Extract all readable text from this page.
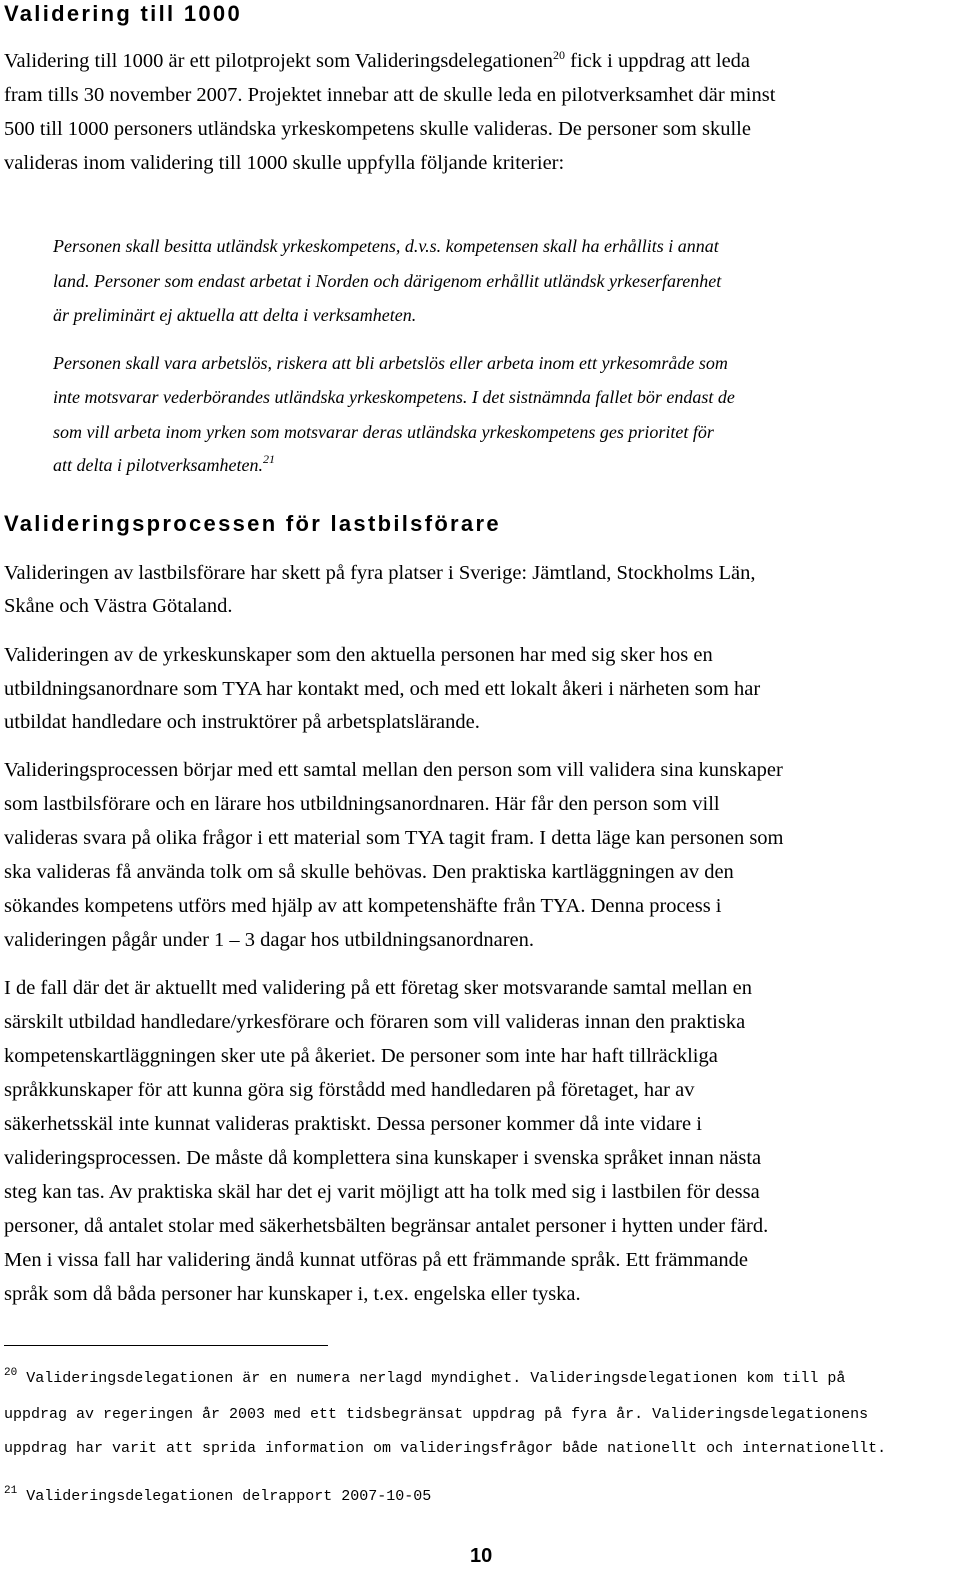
Validering till 1000
Validering till 1000 är ett pilotprojekt som Valideringsdelegationen$^{20}$ fick i uppdrag att leda
fram tills 30 november 2007. Projektet innebar att de skulle leda en pilotverksamhet där minst
500 till 1000 personers utländska yrkeskompetens skulle valideras. De personer som skulle
valideras inom validering till 1000 skulle uppfylla följande kriterier:
Personen skall besitta utländsk yrkeskompetens, d.v.s. kompetensen skall ha erhållits i annat
land. Personer som endast arbetat i Norden och därigenom erhållit utländsk yrkeserfarenhet
är preliminärt ej aktuella att delta i verksamheten.
Personen skall vara arbetslös, riskera att bli arbetslös eller arbeta inom ett yrkesområde som
inte motsvarar vederbörandes utländska yrkeskompetens. I det sistnämnda fallet bör endast de
som vill arbeta inom yrken som motsvarar deras utländska yrkeskompetens ges prioritet för
att delta i pilotverksamheten.$^{21}$
Valideringsprocessen för lastbilsförare
Valideringen av lastbilsförare har skett på fyra platser i Sverige: Jämtland, Stockholms Län,
Skåne och Västra Götaland.
Valideringen av de yrkeskunskaper som den aktuella personen har med sig sker hos en
utbildningsanordnare som TYA har kontakt med, och med ett lokalt åkeri i närheten som har
utbildat handledare och instruktörer på arbetsplatslärande.
Valideringsprocessen börjar med ett samtal mellan den person som vill validera sina kunskaper
som lastbilsförare och en lärare hos utbildningsanordnaren. Här får den person som vill
valideras svara på olika frågor i ett material som TYA tagit fram. I detta läge kan personen som
ska valideras få använda tolk om så skulle behövas. Den praktiska kartläggningen av den
sökandes kompetens utförs med hjälp av att kompetenshäfte från TYA. Denna process i
valideringen pågår under 1 – 3 dagar hos utbildningsanordnaren.
I de fall där det är aktuellt med validering på ett företag sker motsvarande samtal mellan en
särskilt utbildad handledare/yrkesförare och föraren som vill valideras innan den praktiska
kompetenskartläggningen sker ute på åkeriet. De personer som inte har haft tillräckliga
språkkunskaper för att kunna göra sig förstådd med handledaren på företaget, har av
säkerhetsskäl inte kunnat valideras praktiskt. Dessa personer kommer då inte vidare i
valideringsprocessen. De måste då komplettera sina kunskaper i svenska språket innan nästa
steg kan tas. Av praktiska skäl har det ej varit möjligt att ha tolk med sig i lastbilen för dessa
personer, då antalet stolar med säkerhetsbälten begränsar antalet personer i hytten under färd.
Men i vissa fall har validering ändå kunnat utföras på ett främmande språk. Ett främmande
språk som då båda personer har kunskaper i, t.ex. engelska eller tyska.
$^{20}$ Valideringsdelegationen är en numera nerlagd myndighet. Valideringsdelegationen kom till på
uppdrag av regeringen år 2003 med ett tidsbegränsat uppdrag på fyra år. Valideringsdelegationens
uppdrag har varit att sprida information om valideringsfrågor både nationellt och internationellt.
$^{21}$ Valideringsdelegationen delrapport 2007-10-05
10
